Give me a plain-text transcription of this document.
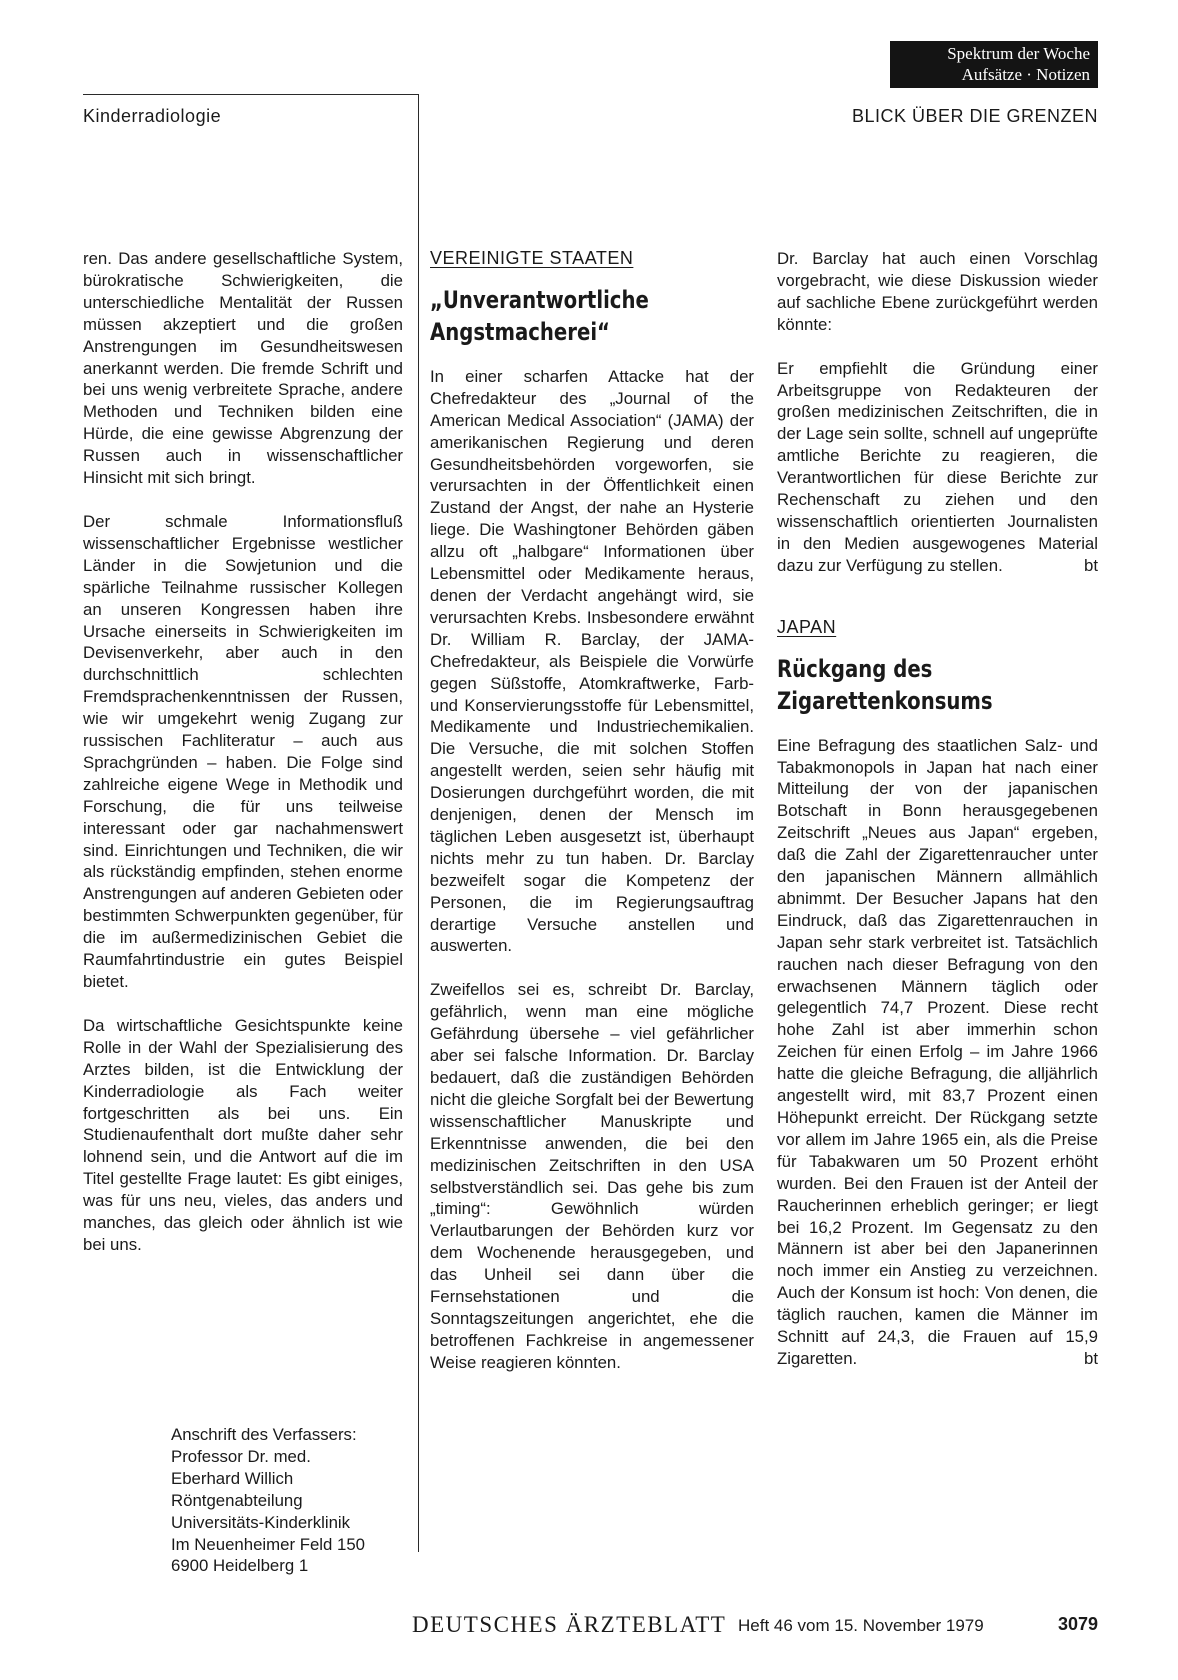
Spektrum der Woche
Aufsätze · Notizen
Kinderradiologie	BLICK ÜBER DIE GRENZEN

ren. Das andere gesellschaftliche System, bürokratische Schwierigkeiten, die unterschiedliche Mentalität der Russen müssen akzeptiert und die großen Anstrengungen im Gesundheitswesen anerkannt werden. Die fremde Schrift und bei uns wenig verbreitete Sprache, andere Methoden und Techniken bilden eine Hürde, die eine gewisse Abgrenzung der Russen auch in wissenschaftlicher Hinsicht mit sich bringt.

Der schmale Informationsfluß wissenschaftlicher Ergebnisse westlicher Länder in die Sowjetunion und die spärliche Teilnahme russischer Kollegen an unseren Kongressen haben ihre Ursache einerseits in Schwierigkeiten im Devisenverkehr, aber auch in den durchschnittlich schlechten Fremdsprachenkenntnissen der Russen, wie wir umgekehrt wenig Zugang zur russischen Fachliteratur – auch aus Sprachgründen – haben. Die Folge sind zahlreiche eigene Wege in Methodik und Forschung, die für uns teilweise interessant oder gar nachahmenswert sind. Einrichtungen und Techniken, die wir als rückständig empfinden, stehen enorme Anstrengungen auf anderen Gebieten oder bestimmten Schwerpunkten gegenüber, für die im außermedizinischen Gebiet die Raumfahrtindustrie ein gutes Beispiel bietet.

Da wirtschaftliche Gesichtspunkte keine Rolle in der Wahl der Spezialisierung des Arztes bilden, ist die Entwicklung der Kinderradiologie als Fach weiter fortgeschritten als bei uns. Ein Studienaufenthalt dort mußte daher sehr lohnend sein, und die Antwort auf die im Titel gestellte Frage lautet: Es gibt einiges, was für uns neu, vieles, das anders und manches, das gleich oder ähnlich ist wie bei uns.

Anschrift des Verfassers:
Professor Dr. med.
Eberhard Willich
Röntgenabteilung
Universitäts-Kinderklinik
Im Neuenheimer Feld 150
6900 Heidelberg 1
VEREINIGTE STAATEN
„Unverantwortliche Angstmacherei“

In einer scharfen Attacke hat der Chefredakteur des „Journal of the American Medical Association“ (JAMA) der amerikanischen Regierung und deren Gesundheitsbehörden vorgeworfen, sie verursachten in der Öffentlichkeit einen Zustand der Angst, der nahe an Hysterie liege. Die Washingtoner Behörden gäben allzu oft „halbgare“ Informationen über Lebensmittel oder Medikamente heraus, denen der Verdacht angehängt wird, sie verursachten Krebs. Insbesondere erwähnt Dr. William R. Barclay, der JAMA-Chefredakteur, als Beispiele die Vorwürfe gegen Süßstoffe, Atomkraftwerke, Farb- und Konservierungsstoffe für Lebensmittel, Medikamente und Industriechemikalien. Die Versuche, die mit solchen Stoffen angestellt werden, seien sehr häufig mit Dosierungen durchgeführt worden, die mit denjenigen, denen der Mensch im täglichen Leben ausgesetzt ist, überhaupt nichts mehr zu tun haben. Dr. Barclay bezweifelt sogar die Kompetenz der Personen, die im Regierungsauftrag derartige Versuche anstellen und auswerten.

Zweifellos sei es, schreibt Dr. Barclay, gefährlich, wenn man eine mögliche Gefährdung übersehe – viel gefährlicher aber sei falsche Information. Dr. Barclay bedauert, daß die zuständigen Behörden nicht die gleiche Sorgfalt bei der Bewertung wissenschaftlicher Manuskripte und Erkenntnisse anwenden, die bei den medizinischen Zeitschriften in den USA selbstverständlich sei. Das gehe bis zum „timing“: Gewöhnlich würden Verlautbarungen der Behörden kurz vor dem Wochenende herausgegeben, und das Unheil sei dann über die Fernsehstationen und die Sonntagszeitungen angerichtet, ehe die betroffenen Fachkreise in angemessener Weise reagieren könnten.

Dr. Barclay hat auch einen Vorschlag vorgebracht, wie diese Diskussion wieder auf sachliche Ebene zurückgeführt werden könnte:

Er empfiehlt die Gründung einer Arbeitsgruppe von Redakteuren der großen medizinischen Zeitschriften, die in der Lage sein sollte, schnell auf ungeprüfte amtliche Berichte zu reagieren, die Verantwortlichen für diese Berichte zur Rechenschaft zu ziehen und den wissenschaftlich orientierten Journalisten in den Medien ausgewogenes Material dazu zur Verfügung zu stellen.	bt

JAPAN
Rückgang des Zigarettenkonsums

Eine Befragung des staatlichen Salz- und Tabakmonopols in Japan hat nach einer Mitteilung der von der japanischen Botschaft in Bonn herausgegebenen Zeitschrift „Neues aus Japan“ ergeben, daß die Zahl der Zigarettenraucher unter den japanischen Männern allmählich abnimmt. Der Besucher Japans hat den Eindruck, daß das Zigarettenrauchen in Japan sehr stark verbreitet ist. Tatsächlich rauchen nach dieser Befragung von den erwachsenen Männern täglich oder gelegentlich 74,7 Prozent. Diese recht hohe Zahl ist aber immerhin schon Zeichen für einen Erfolg – im Jahre 1966 hatte die gleiche Befragung, die alljährlich angestellt wird, mit 83,7 Prozent einen Höhepunkt erreicht. Der Rückgang setzte vor allem im Jahre 1965 ein, als die Preise für Tabakwaren um 50 Prozent erhöht wurden. Bei den Frauen ist der Anteil der Raucherinnen erheblich geringer; er liegt bei 16,2 Prozent. Im Gegensatz zu den Männern ist aber bei den Japanerinnen noch immer ein Anstieg zu verzeichnen. Auch der Konsum ist hoch: Von denen, die täglich rauchen, kamen die Männer im Schnitt auf 24,3, die Frauen auf 15,9 Zigaretten.	bt

DEUTSCHES ÄRZTEBLATT Heft 46 vom 15. November 1979	3079
